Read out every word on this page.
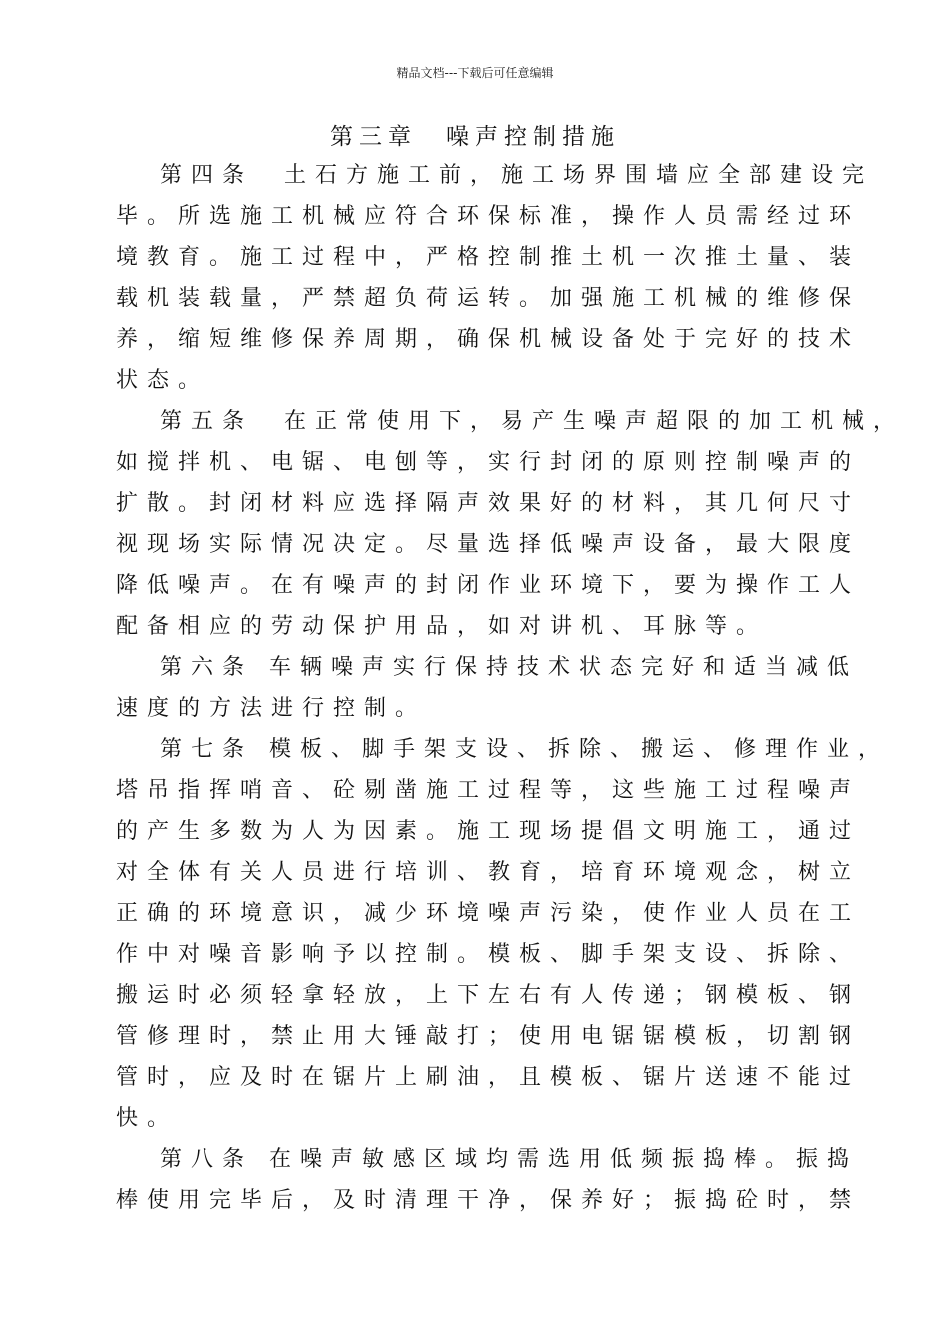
精品文档---下载后可任意编辑
第三章　噪声控制措施
第四条　土石方施工前，施工场界围墙应全部建设完
毕。所选施工机械应符合环保标准，操作人员需经过环
境教育。施工过程中，严格控制推土机一次推土量、装
载机装载量，严禁超负荷运转。加强施工机械的维修保
养，缩短维修保养周期，确保机械设备处于完好的技术
状态。
第五条　在正常使用下，易产生噪声超限的加工机械，
如搅拌机、电锯、电刨等，实行封闭的原则控制噪声的
扩散。封闭材料应选择隔声效果好的材料，其几何尺寸
视现场实际情况决定。尽量选择低噪声设备，最大限度
降低噪声。在有噪声的封闭作业环境下，要为操作工人
配备相应的劳动保护用品，如对讲机、耳脉等。
第六条 车辆噪声实行保持技术状态完好和适当减低
速度的方法进行控制。
第七条 模板、脚手架支设、拆除、搬运、修理作业，
塔吊指挥哨音、砼剔凿施工过程等，这些施工过程噪声
的产生多数为人为因素。施工现场提倡文明施工，通过
对全体有关人员进行培训、教育，培育环境观念，树立
正确的环境意识，减少环境噪声污染，使作业人员在工
作中对噪音影响予以控制。模板、脚手架支设、拆除、
搬运时必须轻拿轻放，上下左右有人传递；钢模板、钢
管修理时，禁止用大锤敲打；使用电锯锯模板，切割钢
管时，应及时在锯片上刷油，且模板、锯片送速不能过
快。
第八条 在噪声敏感区域均需选用低频振捣棒。振捣
棒使用完毕后，及时清理干净，保养好；振捣砼时，禁
